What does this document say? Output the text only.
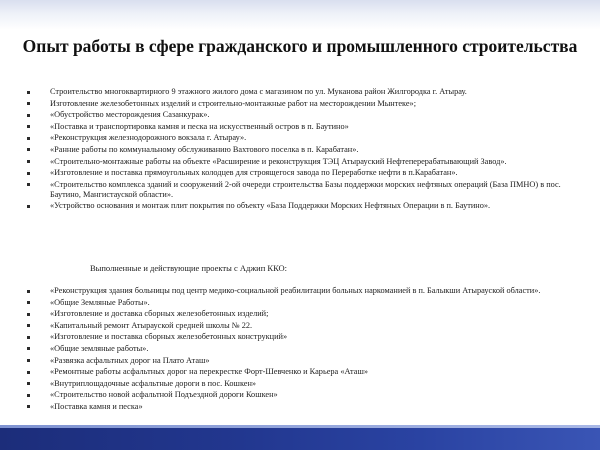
Опыт работы в сфере гражданского и промышленного строительства
Строительство многоквартирного 9 этажного жилого дома с магазином по ул. Муканова район Жилгородка г. Атырау.
Изготовление железобетонных изделий и строительно-монтажные работ на месторождении Мынтеке»;
«Обустройство месторождения Сазанкурак».
«Поставка и транспортировка камня и песка на искусственный остров в п. Баутино»
«Реконструкция железнодорожного вокзала г. Атырау».
«Ранние работы по коммунальному обслуживанию Вахтового поселка в п. Карабатан».
«Строительно-монтажные работы на объекте «Расширение и реконструкция ТЭЦ Атырауский Нефтеперерабатывающий Завод».
«Изготовление и поставка прямоугольных колодцев для строящегося завода по Переработке нефти в п.Карабатан».
«Строительство комплекса зданий и сооружений 2-ой очереди строительства Базы поддержки морских нефтяных операций (База ПМНО) в пос. Баутино, Мангистауской области».
«Устройство основания и монтаж плит покрытия по объекту «База Поддержки Морских Нефтяных Операции в п. Баутино».
Выполненные и действующие проекты с Аджип ККО:
«Реконструкция здания больницы под центр медико-социальной реабилитации больных наркоманией в п. Балыкши Атырауской области».
«Общие Земляные Работы».
«Изготовление и доставка сборных железобетонных изделий;
«Капитальный ремонт Атырауской средней школы № 22.
«Изготовление и поставка сборных железобетонных конструкций»
«Общие земляные работы».
«Развязка асфальтных дорог на Плато Аташ»
«Ремонтные работы асфальтных дорог на перекрестке Форт-Шевченко и Карьера «Аташ»
«Внутриплощадочные асфальтные дороги в пос. Кошкен»
«Строительство новой асфальтной Подъездной дороги Кошкен»
«Поставка камня и песка»
